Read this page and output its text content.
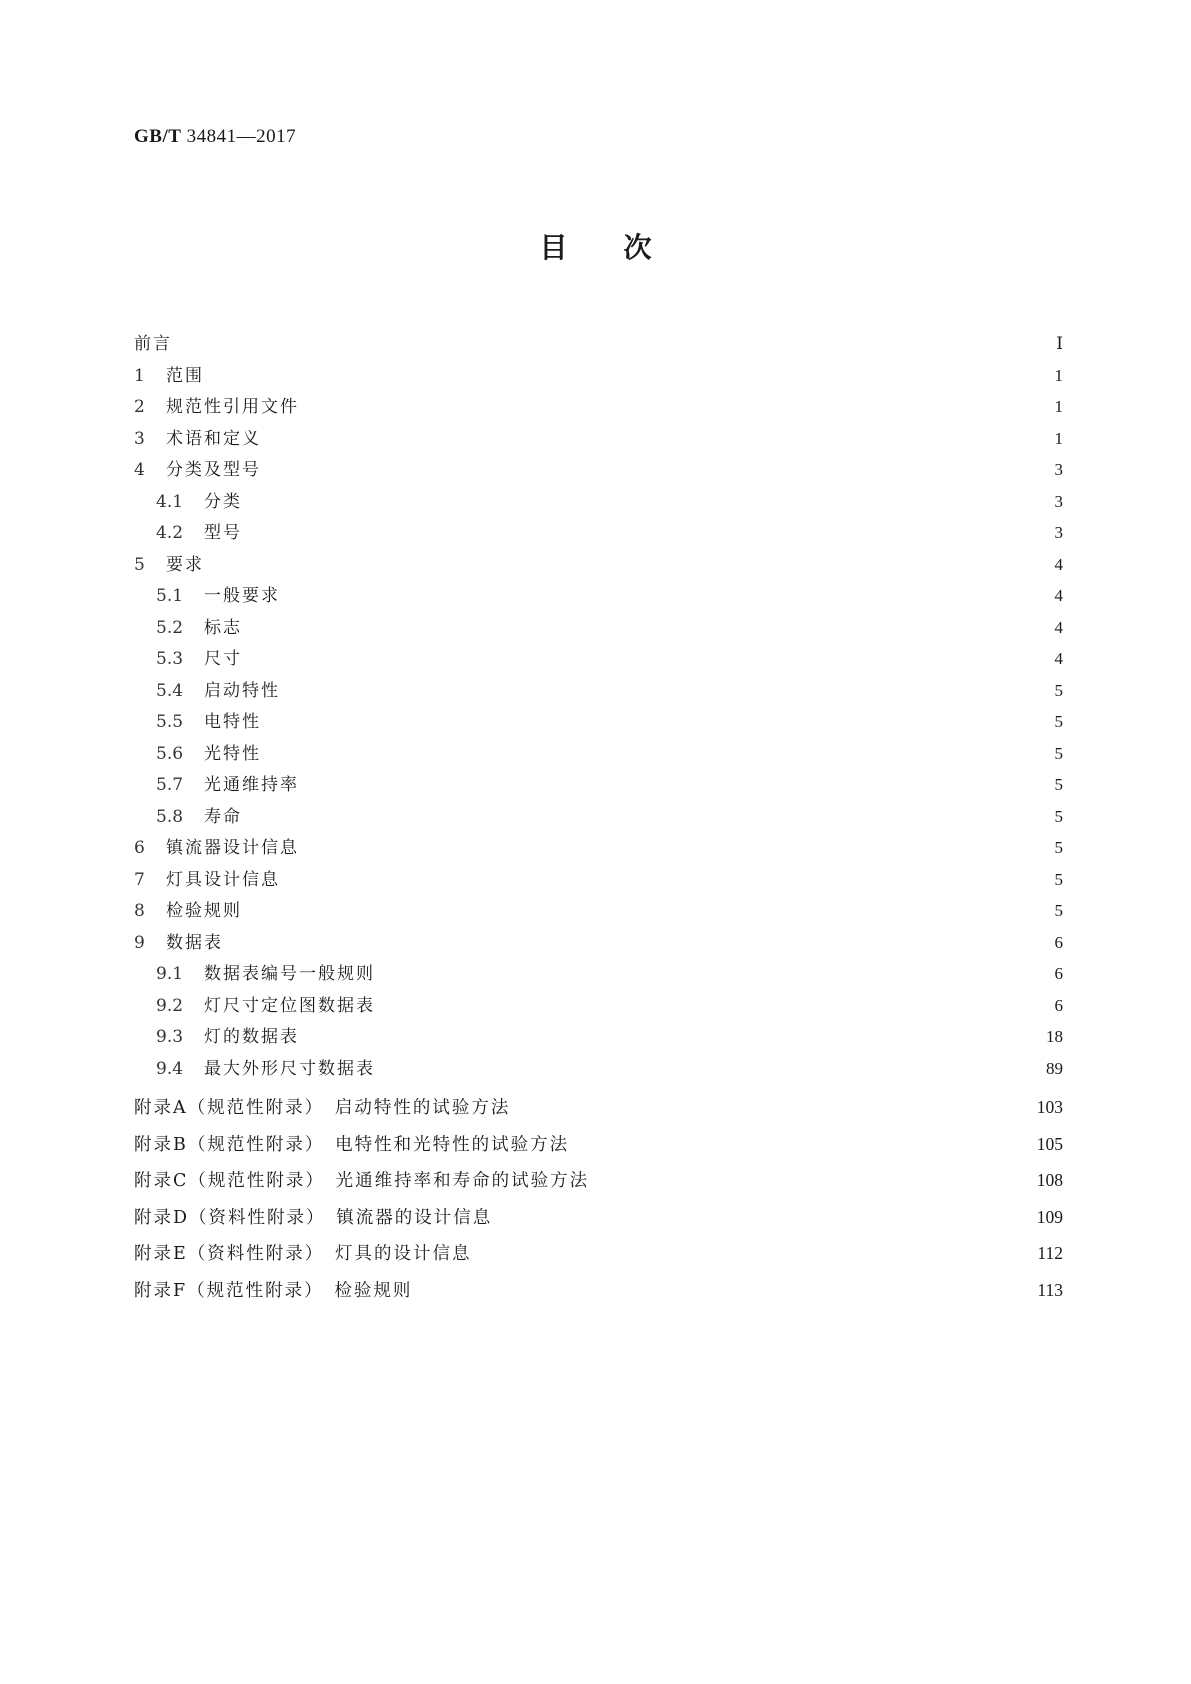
GB/T 34841—2017
目次
前言	Ⅰ
1	范围	1
2	规范性引用文件	1
3	术语和定义	1
4	分类及型号	3
4.1	分类	3
4.2	型号	3
5	要求	4
5.1	一般要求	4
5.2	标志	4
5.3	尺寸	4
5.4	启动特性	5
5.5	电特性	5
5.6	光特性	5
5.7	光通维持率	5
5.8	寿命	5
6	镇流器设计信息	5
7	灯具设计信息	5
8	检验规则	5
9	数据表	6
9.1	数据表编号一般规则	6
9.2	灯尺寸定位图数据表	6
9.3	灯的数据表	18
9.4	最大外形尺寸数据表	89
附录A（规范性附录）　启动特性的试验方法	103
附录B（规范性附录）　电特性和光特性的试验方法	105
附录C（规范性附录）　光通维持率和寿命的试验方法	108
附录D（资料性附录）　镇流器的设计信息	109
附录E（资料性附录）　灯具的设计信息	112
附录F（规范性附录）　检验规则	113
